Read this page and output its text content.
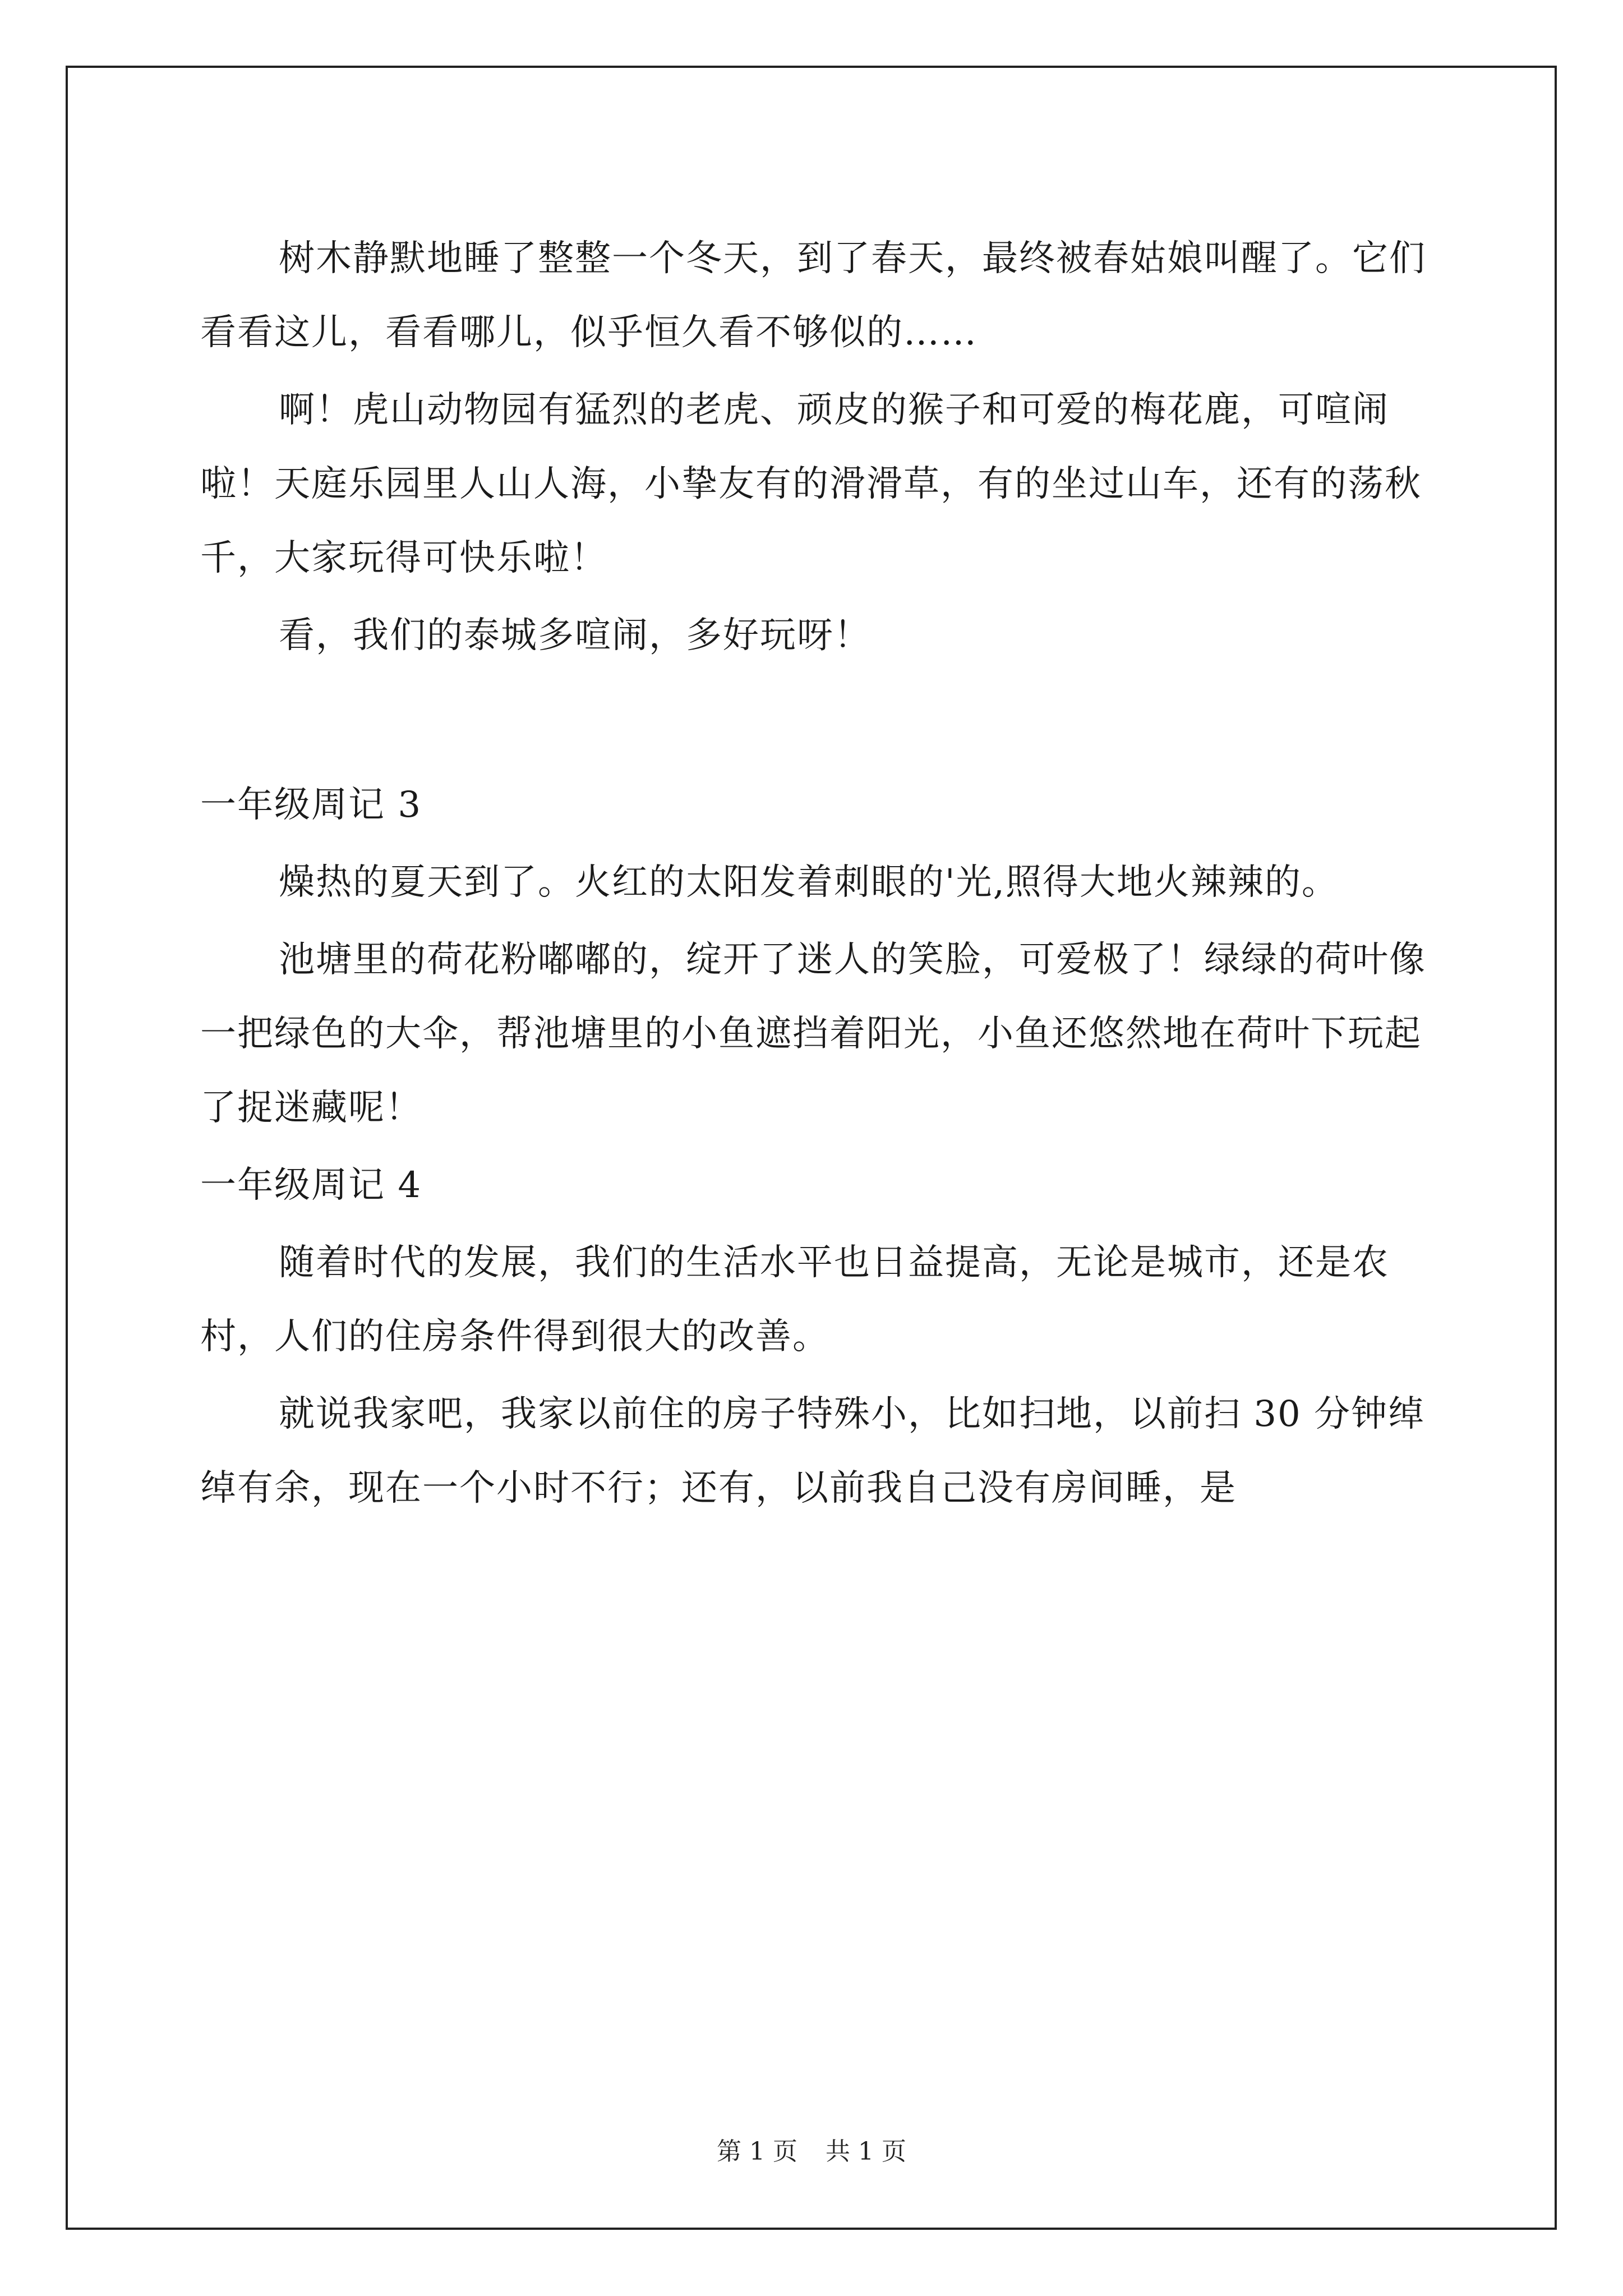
树木静默地睡了整整一个冬天，到了春天，最终被春姑娘叫醒了。它们看看这儿，看看哪儿，似乎恒久看不够似的……

啊！虎山动物园有猛烈的老虎、顽皮的猴子和可爱的梅花鹿，可喧闹啦！天庭乐园里人山人海，小挚友有的滑滑草，有的坐过山车，还有的荡秋千，大家玩得可快乐啦！

看，我们的泰城多喧闹，多好玩呀！

一年级周记 3

燥热的夏天到了。火红的太阳发着刺眼的'光,照得大地火辣辣的。

池塘里的荷花粉嘟嘟的，绽开了迷人的笑脸，可爱极了！绿绿的荷叶像一把绿色的大伞，帮池塘里的小鱼遮挡着阳光，小鱼还悠然地在荷叶下玩起了捉迷藏呢！

一年级周记 4

随着时代的发展，我们的生活水平也日益提高，无论是城市，还是农村，人们的住房条件得到很大的改善。

就说我家吧，我家以前住的房子特殊小，比如扫地，以前扫 30 分钟绰绰有余，现在一个小时不行；还有，以前我自己没有房间睡，是

第 1 页 共 1 页
